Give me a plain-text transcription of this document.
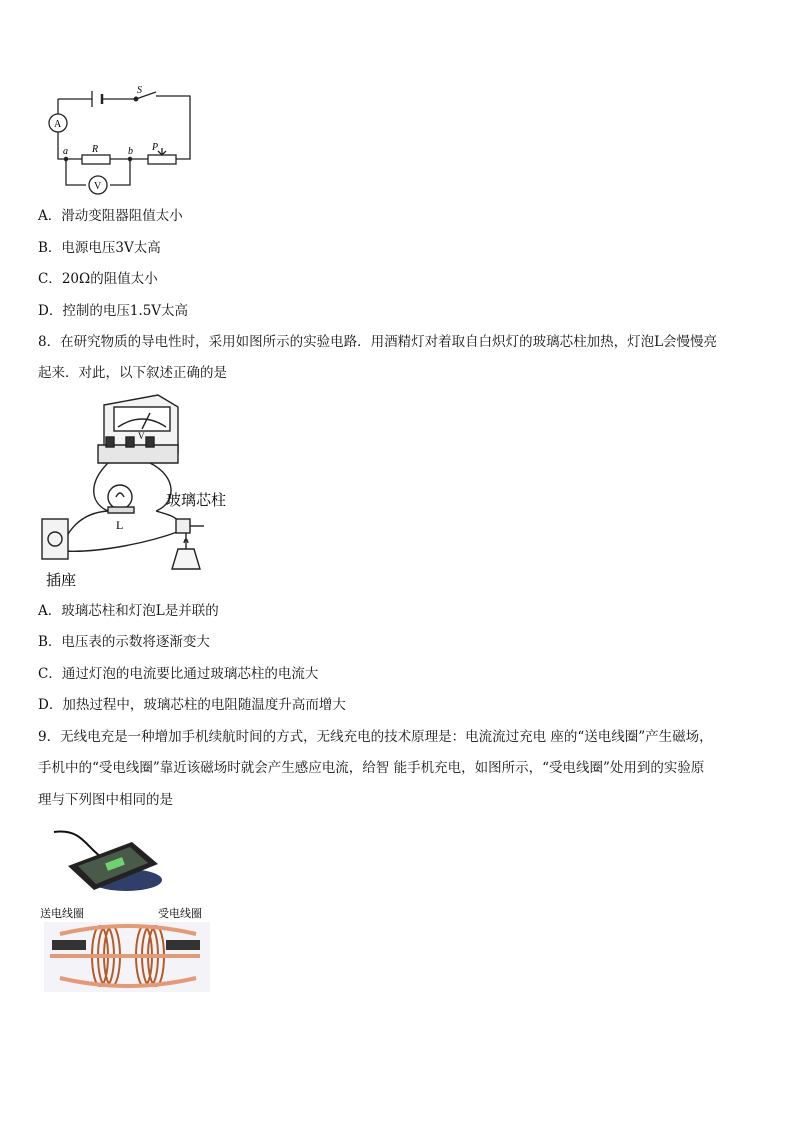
S
A
a R	b P
V
A．滑动变阻器阻值太小
B．电源电压3V太高
C．20Ω的阻值太小
D．控制的电压1.5V太高
8．在研究物质的导电性时，采用如图所示的实验电路．用酒精灯对着取自白炽灯的玻璃芯柱加热，灯泡L会慢慢亮
起来．对此，以下叙述正确的是
V
L
玻璃芯柱
插座
A．玻璃芯柱和灯泡L是并联的
B．电压表的示数将逐渐变大
C．通过灯泡的电流要比通过玻璃芯柱的电流大
D．加热过程中，玻璃芯柱的电阻随温度升高而增大
9．无线电充是一种增加手机续航时间的方式，无线充电的技术原理是：电流流过充电 座的“送电线圈”产生磁场，
手机中的“受电线圈”靠近该磁场时就会产生感应电流，给智 能手机充电，如图所示，“受电线圈”处用到的实验原
理与下列图中相同的是
送电线圈	受电线圈
